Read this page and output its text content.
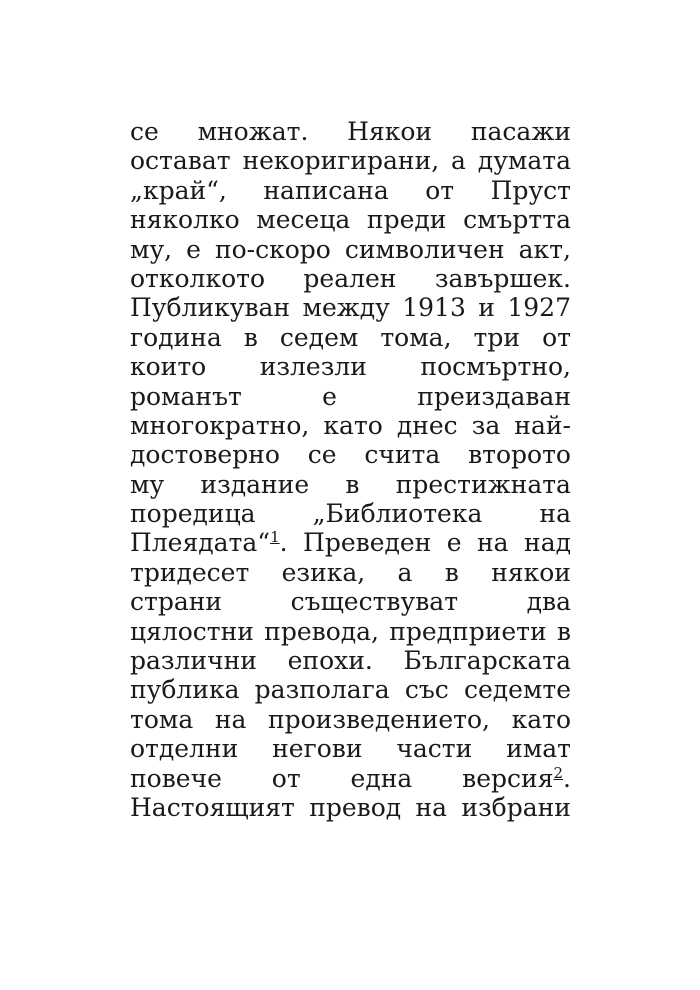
се множат. Някои пасажи
остават некоригирани, а думата
„край“, написана от Пруст
няколко месеца преди смъртта
му, е по-скоро символичен акт,
отколкото реален завършек.
Публикуван между 1913 и 1927
година в седем тома, три от
които излезли посмъртно,
романът	е	преиздаван
многократно, като днес за най-
достоверно се счита второто
му издание в престижната
поредица „Библиотека на
Плеядата“$^1$. Преведен е на над
тридесет езика, а в някои
страни	съществуват	два
цялостни превода, предприети в
различни епохи. Българската
публика разполага със седемте
тома на произведението, като
отделни негови части имат
повече от една версия$^2$.
Настоящият превод на избрани
